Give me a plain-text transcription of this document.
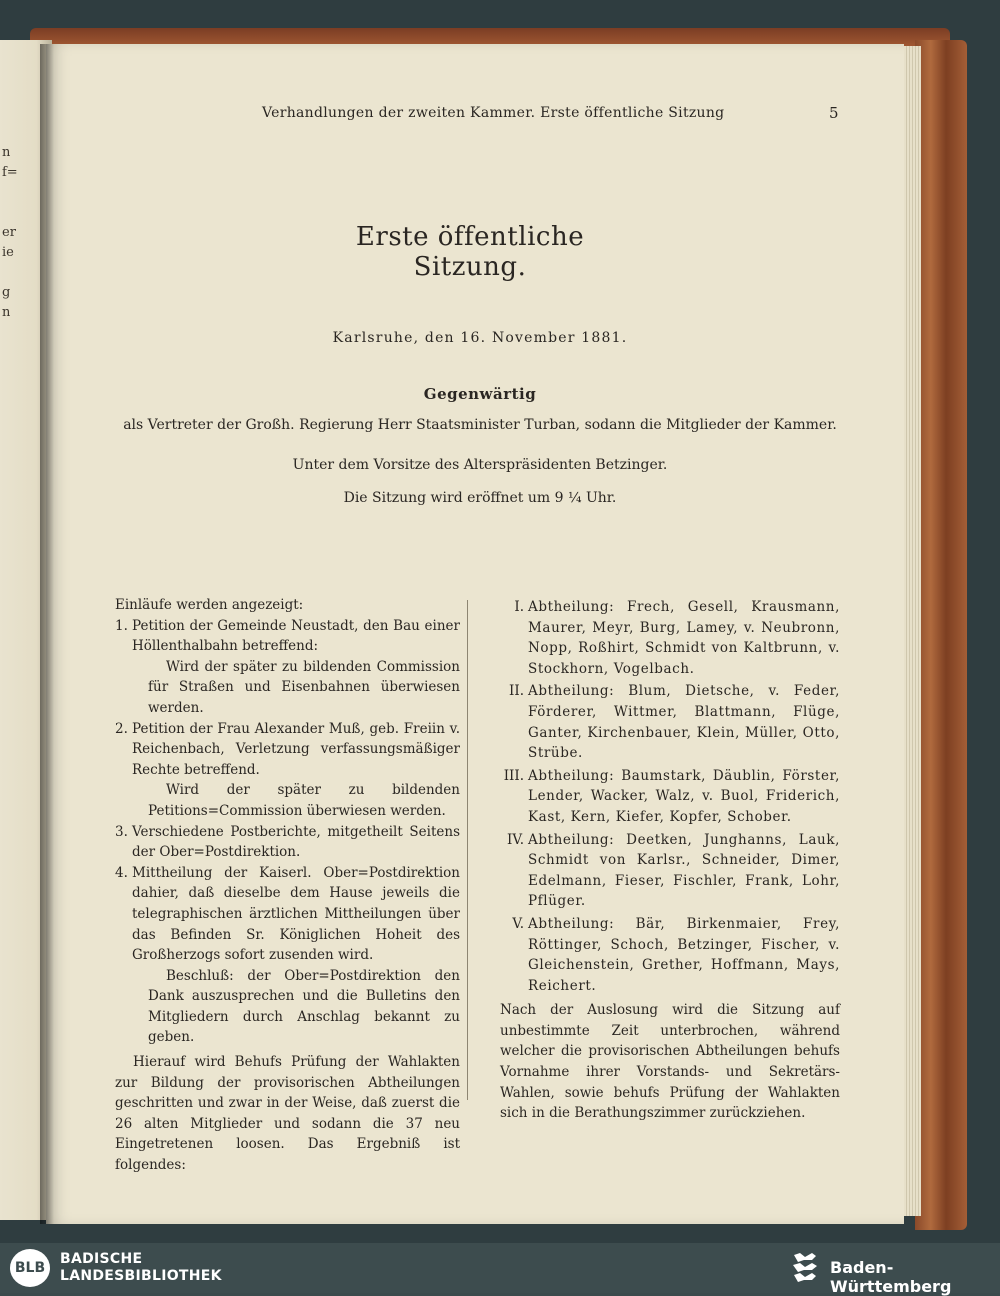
n
f=
er
ie
g
n
Verhandlungen der zweiten Kammer. Erste öffentliche Sitzung	5
Erste öffentliche Sitzung.
Karlsruhe, den 16. November 1881.
Gegenwärtig
als Vertreter der Großh. Regierung Herr Staatsminister Turban, sodann die Mitglieder der Kammer.
Unter dem Vorsitze des Alterspräsidenten Betzinger.
Die Sitzung wird eröffnet um 9 ¼ Uhr.
Einläufe werden angezeigt:
1. Petition der Gemeinde Neustadt, den Bau einer Höllenthalbahn betreffend:
Wird der später zu bildenden Commission für Straßen und Eisenbahnen überwiesen werden.
2. Petition der Frau Alexander Muß, geb. Freiin v. Reichenbach, Verletzung verfassungsmäßiger Rechte betreffend.
Wird der später zu bildenden Petitions=Commission überwiesen werden.
3. Verschiedene Postberichte, mitgetheilt Seitens der Ober=Postdirektion.
4. Mittheilung der Kaiserl. Ober=Postdirektion dahier, daß dieselbe dem Hause jeweils die telegraphischen ärztlichen Mittheilungen über das Befinden Sr. Königlichen Hoheit des Großherzogs sofort zusenden wird.
Beschluß: der Ober=Postdirektion den Dank auszusprechen und die Bulletins den Mitgliedern durch Anschlag bekannt zu geben.
Hierauf wird Behufs Prüfung der Wahlakten zur Bildung der provisorischen Abtheilungen geschritten und zwar in der Weise, daß zuerst die 26 alten Mitglieder und sodann die 37 neu Eingetretenen loosen. Das Ergebniß ist folgendes:
I. Abtheilung: Frech, Gesell, Krausmann, Maurer, Meyr, Burg, Lamey, v. Neubronn, Nopp, Roßhirt, Schmidt von Kaltbrunn, v. Stockhorn, Vogelbach.
II. Abtheilung: Blum, Dietsche, v. Feder, Förderer, Wittmer, Blattmann, Flüge, Ganter, Kirchenbauer, Klein, Müller, Otto, Strübe.
III. Abtheilung: Baumstark, Däublin, Förster, Lender, Wacker, Walz, v. Buol, Friderich, Kast, Kern, Kiefer, Kopfer, Schober.
IV. Abtheilung: Deetken, Junghanns, Lauk, Schmidt von Karlsr., Schneider, Dimer, Edelmann, Fieser, Fischler, Frank, Lohr, Pflüger.
V. Abtheilung: Bär, Birkenmaier, Frey, Röttinger, Schoch, Betzinger, Fischer, v. Gleichenstein, Grether, Hoffmann, Mays, Reichert.
Nach der Auslosung wird die Sitzung auf unbestimmte Zeit unterbrochen, während welcher die provisorischen Abtheilungen behufs Vornahme ihrer Vorstands- und Sekretärs-Wahlen, sowie behufs Prüfung der Wahlakten sich in die Berathungszimmer zurückziehen.
BLB
BADISCHE
LANDESBIBLIOTHEK	Baden-Württemberg
